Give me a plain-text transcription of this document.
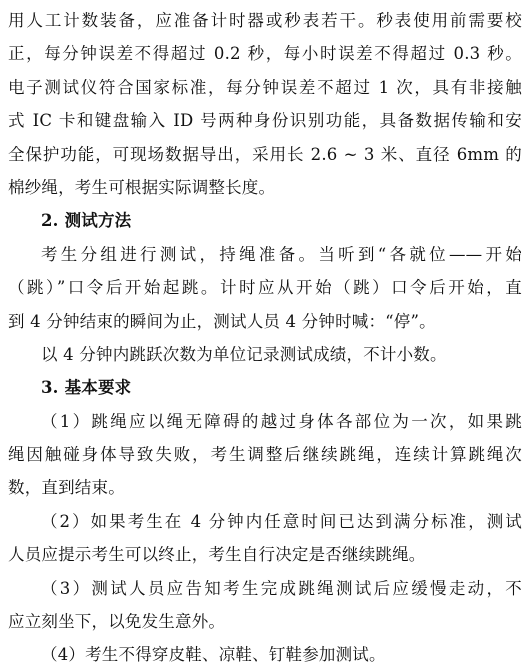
用人工计数装备，应准备计时器或秒表若干。秒表使用前需要校
正，每分钟误差不得超过 0.2 秒，每小时误差不得超过 0.3 秒。
电子测试仪符合国家标准，每分钟误差不超过 1 次，具有非接触
式 IC 卡和键盘输入 ID 号两种身份识别功能，具备数据传输和安
全保护功能，可现场数据导出，采用长 2.6 ~ 3 米、直径 6mm 的
棉纱绳，考生可根据实际调整长度。
2. 测试方法
考生分组进行测试，持绳准备。当听到“各就位——开始
（跳）”口令后开始起跳。计时应从开始（跳）口令后开始，直
到 4 分钟结束的瞬间为止，测试人员 4 分钟时喊：“停”。
以 4 分钟内跳跃次数为单位记录测试成绩，不计小数。
3. 基本要求
（1）跳绳应以绳无障碍的越过身体各部位为一次，如果跳
绳因触碰身体导致失败，考生调整后继续跳绳，连续计算跳绳次
数，直到结束。
（2）如果考生在 4 分钟内任意时间已达到满分标准，测试
人员应提示考生可以终止，考生自行决定是否继续跳绳。
（3）测试人员应告知考生完成跳绳测试后应缓慢走动，不
应立刻坐下，以免发生意外。
（4）考生不得穿皮鞋、凉鞋、钉鞋参加测试。
